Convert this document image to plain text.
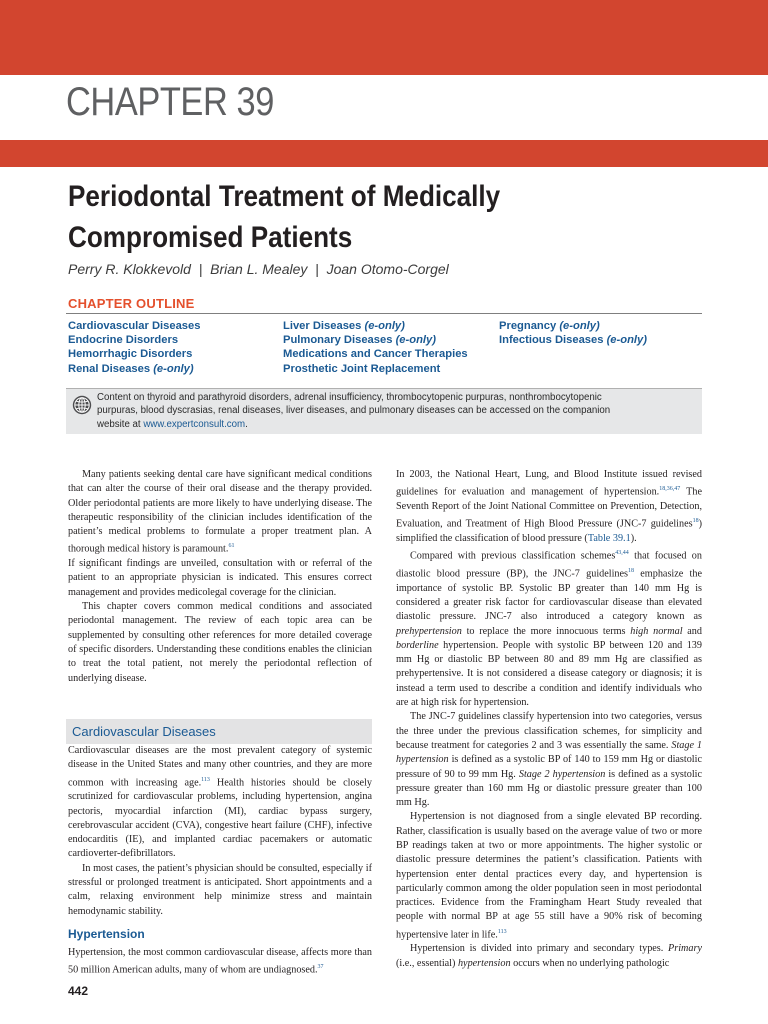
CHAPTER 39
Periodontal Treatment of Medically
Compromised Patients
Perry R. Klokkevold  |  Brian L. Mealey  |  Joan Otomo-Corgel
CHAPTER OUTLINE
Cardiovascular Diseases
Endocrine Disorders
Hemorrhagic Disorders
Renal Diseases (e-only)
Liver Diseases (e-only)
Pulmonary Diseases (e-only)
Medications and Cancer Therapies
Prosthetic Joint Replacement
Pregnancy (e-only)
Infectious Diseases (e-only)
Content on thyroid and parathyroid disorders, adrenal insufficiency, thrombocytopenic purpuras, nonthrombocytopenic
purpuras, blood dyscrasias, renal diseases, liver diseases, and pulmonary diseases can be accessed on the companion
website at www.expertconsult.com.

Many patients seeking dental care have significant medical conditions that can alter the course of their oral disease and the therapy provided. Older periodontal patients are more likely to have underlying disease. The therapeutic responsibility of the clinician includes identification of the patient’s medical problems to formulate a proper treatment plan. A thorough medical history is paramount.$^{61}$

If significant findings are unveiled, consultation with or referral of the patient to an appropriate physician is indicated. This ensures correct management and provides medicolegal coverage for the clinician.

This chapter covers common medical conditions and associated periodontal management. The review of each topic area can be supplemented by consulting other references for more detailed coverage of specific disorders. Understanding these conditions enables the clinician to treat the total patient, not merely the periodontal reflection of underlying disease.

Cardiovascular Diseases

Cardiovascular diseases are the most prevalent category of systemic disease in the United States and many other countries, and they are more common with increasing age.$^{113}$ Health histories should be closely scrutinized for cardiovascular problems, including hypertension, angina pectoris, myocardial infarction (MI), cardiac bypass surgery, cerebrovascular accident (CVA), congestive heart failure (CHF), infective endocarditis (IE), and implanted cardiac pacemakers or automatic cardioverter-defibrillators.

In most cases, the patient’s physician should be consulted, especially if stressful or prolonged treatment is anticipated. Short appointments and a calm, relaxing environment help minimize stress and maintain hemodynamic stability.

Hypertension

Hypertension, the most common cardiovascular disease, affects more than 50 million American adults, many of whom are undiagnosed.$^{37}$

In 2003, the National Heart, Lung, and Blood Institute issued revised guidelines for evaluation and management of hypertension.$^{18,36,47}$ The Seventh Report of the Joint National Committee on Prevention, Detection, Evaluation, and Treatment of High Blood Pressure (JNC-7 guidelines$^{18}$) simplified the classification of blood pressure (Table 39.1).

Compared with previous classification schemes$^{43,44}$ that focused on diastolic blood pressure (BP), the JNC-7 guidelines$^{18}$ emphasize the importance of systolic BP. Systolic BP greater than 140 mm Hg is considered a greater risk factor for cardiovascular disease than elevated diastolic pressure. JNC-7 also introduced a category known as prehypertension to replace the more innocuous terms high normal and borderline hypertension. People with systolic BP between 120 and 139 mm Hg or diastolic BP between 80 and 89 mm Hg are classified as prehypertensive. It is not considered a disease category or diagnosis; it is instead a term used to describe a condition and identify individuals who are at high risk for hypertension.

The JNC-7 guidelines classify hypertension into two categories, versus the three under the previous classification schemes, for simplicity and because treatment for categories 2 and 3 was essentially the same. Stage 1 hypertension is defined as a systolic BP of 140 to 159 mm Hg or diastolic pressure of 90 to 99 mm Hg. Stage 2 hypertension is defined as a systolic pressure greater than 160 mm Hg or diastolic pressure greater than 100 mm Hg.

Hypertension is not diagnosed from a single elevated BP recording. Rather, classification is usually based on the average value of two or more BP readings taken at two or more appointments. The higher systolic or diastolic pressure determines the patient’s classification. Patients with hypertension enter dental practices every day, and hypertension is particularly common among the older population seen in most periodontal practices. Evidence from the Framingham Heart Study revealed that people with normal BP at age 55 still have a 90% risk of becoming hypertensive later in life.$^{113}$

Hypertension is divided into primary and secondary types. Primary (i.e., essential) hypertension occurs when no underlying pathologic

442
